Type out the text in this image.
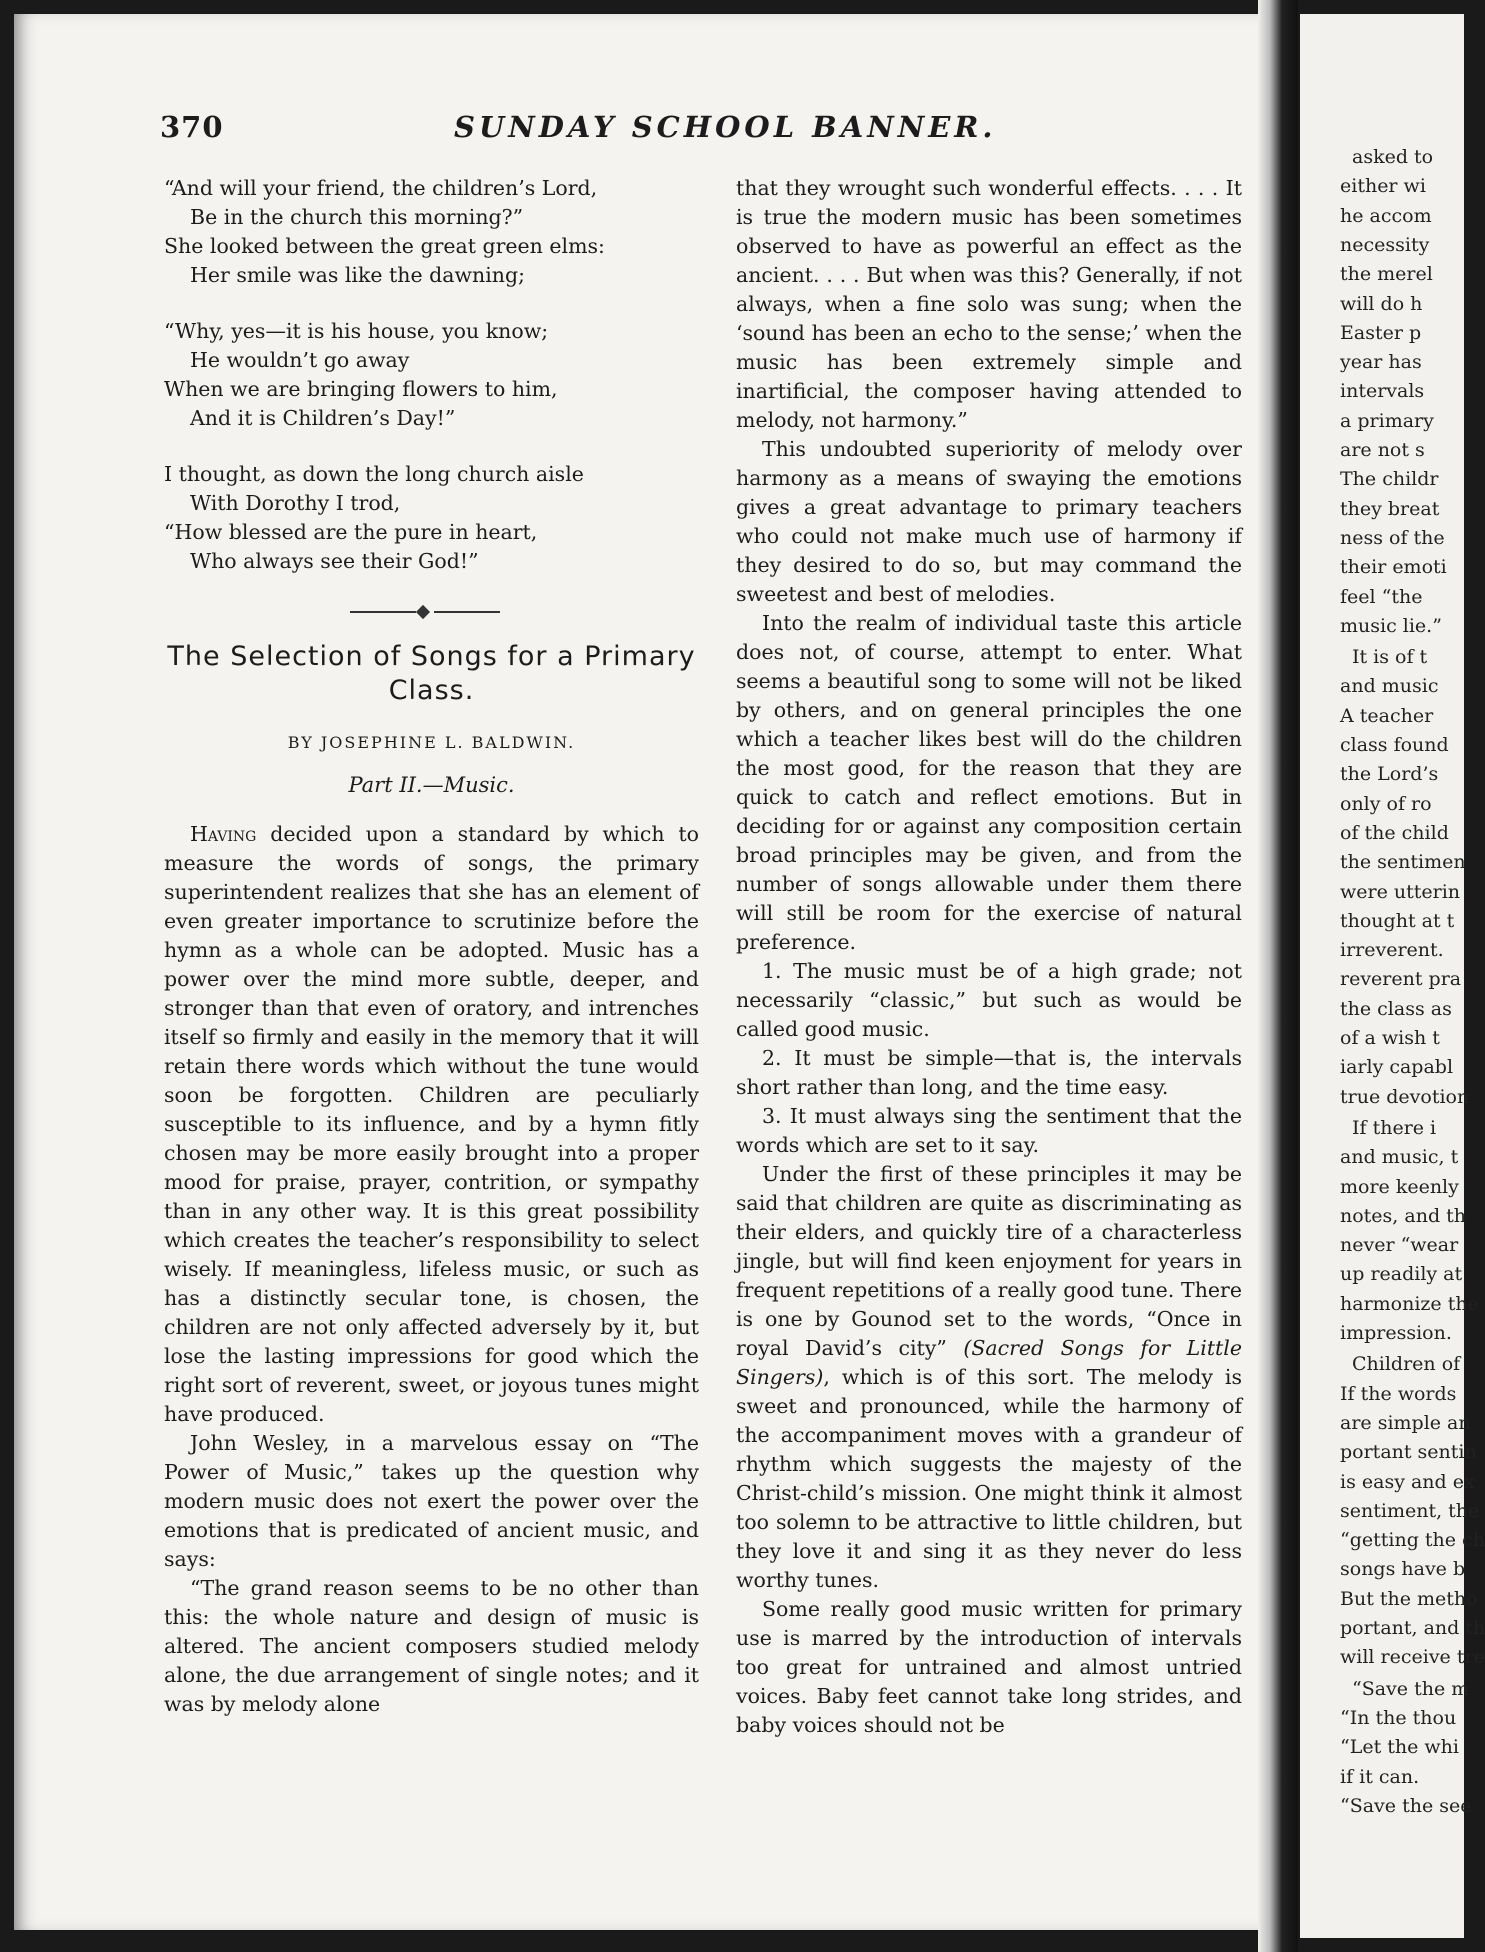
370	SUNDAY SCHOOL BANNER.
“And will your friend, the children’s Lord,
Be in the church this morning?”
She looked between the great green elms:
Her smile was like the dawning;
“Why, yes—it is his house, you know;
He wouldn’t go away
When we are bringing flowers to him,
And it is Children’s Day!”
I thought, as down the long church aisle
With Dorothy I trod,
“How blessed are the pure in heart,
Who always see their God!”
The Selection of Songs for a Primary Class.
BY JOSEPHINE L. BALDWIN.
Part II.—Music.

Having decided upon a standard by which to measure the words of songs, the primary superintendent realizes that she has an element of even greater importance to scrutinize before the hymn as a whole can be adopted. Music has a power over the mind more subtle, deeper, and stronger than that even of oratory, and intrenches itself so firmly and easily in the memory that it will retain there words which without the tune would soon be forgotten. Children are peculiarly susceptible to its influence, and by a hymn fitly chosen may be more easily brought into a proper mood for praise, prayer, contrition, or sympathy than in any other way. It is this great possibility which creates the teacher’s responsibility to select wisely. If meaningless, lifeless music, or such as has a distinctly secular tone, is chosen, the children are not only affected adversely by it, but lose the lasting impressions for good which the right sort of reverent, sweet, or joyous tunes might have produced.

John Wesley, in a marvelous essay on “The Power of Music,” takes up the question why modern music does not exert the power over the emotions that is predicated of ancient music, and says:

“The grand reason seems to be no other than this: the whole nature and design of music is altered. The ancient composers studied melody alone, the due arrangement of single notes; and it was by melody alone

that they wrought such wonderful effects. . . . It is true the modern music has been sometimes observed to have as powerful an effect as the ancient. . . . But when was this? Generally, if not always, when a fine solo was sung; when the ‘sound has been an echo to the sense;’ when the music has been extremely simple and inartificial, the composer having attended to melody, not harmony.”

This undoubted superiority of melody over harmony as a means of swaying the emotions gives a great advantage to primary teachers who could not make much use of harmony if they desired to do so, but may command the sweetest and best of melodies.

Into the realm of individual taste this article does not, of course, attempt to enter. What seems a beautiful song to some will not be liked by others, and on general principles the one which a teacher likes best will do the children the most good, for the reason that they are quick to catch and reflect emotions. But in deciding for or against any composition certain broad principles may be given, and from the number of songs allowable under them there will still be room for the exercise of natural preference.

1. The music must be of a high grade; not necessarily “classic,” but such as would be called good music.

2. It must be simple—that is, the intervals short rather than long, and the time easy.

3. It must always sing the sentiment that the words which are set to it say.

Under the first of these principles it may be said that children are quite as discriminating as their elders, and quickly tire of a characterless jingle, but will find keen enjoyment for years in frequent repetitions of a really good tune. There is one by Gounod set to the words, “Once in royal David’s city” (Sacred Songs for Little Singers), which is of this sort. The melody is sweet and pronounced, while the harmony of the accompaniment moves with a grandeur of rhythm which suggests the majesty of the Christ-child’s mission. One might think it almost too solemn to be attractive to little children, but they love it and sing it as they never do less worthy tunes.

Some really good music written for primary use is marred by the introduction of intervals too great for untrained and almost untried voices. Baby feet cannot take long strides, and baby voices should not be

asked to
either wi
he accom
necessity
the merel
will do h
Easter p
year has
intervals
a primary
are not s
The childr
they breat
ness of the
their emoti
feel “the
music lie.”
It is of t
and music
A teacher
class found
the Lord’s
only of ro
of the child
the sentimen
were utterin
thought at t
irreverent.
reverent pra
the class as
of a wish t
iarly capabl
true devotion
If there i
and music, t
more keenly
notes, and th
never “wear
up readily at
harmonize the
impression.
Children of
If the words
are simple an
portant sentin
is easy and ex
sentiment, the
“getting the ch
songs have b
But the metho
portant, and th
will receive tre
“Save the m
“In the thou
“Let the whi
if it can.
“Save the see
